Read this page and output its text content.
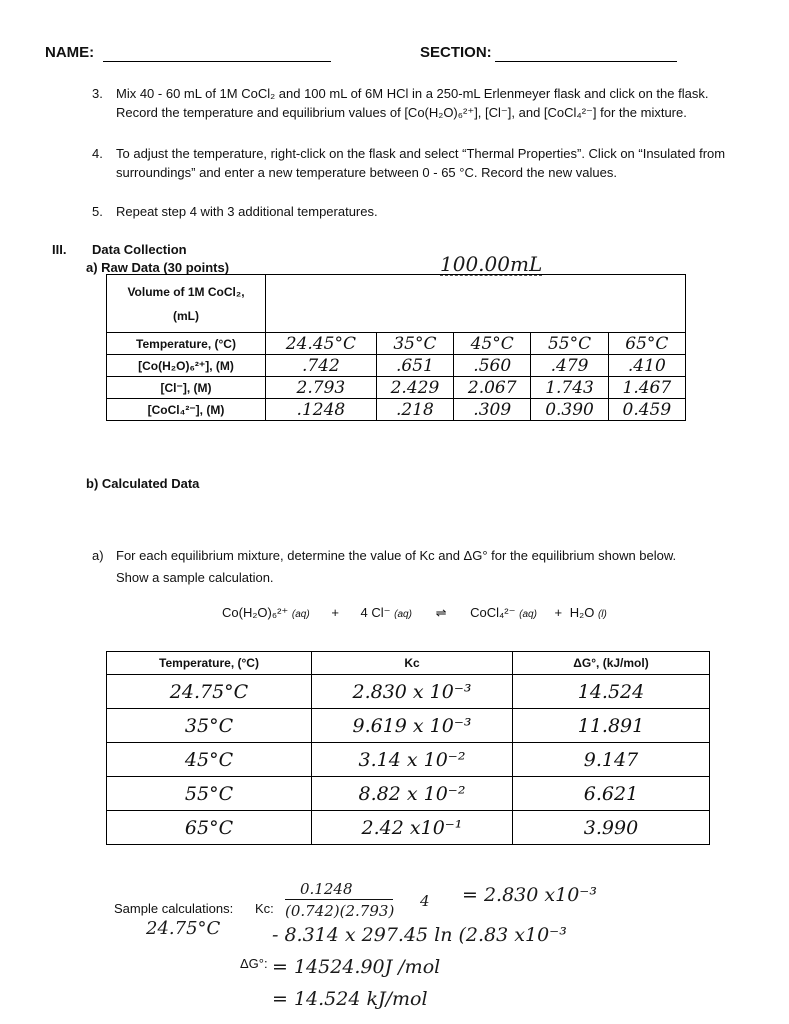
NAME:	SECTION:
3. Mix 40 - 60 mL of 1M CoCl₂ and 100 mL of 6M HCl in a 250-mL Erlenmeyer flask and click on the flask. Record the temperature and equilibrium values of [Co(H₂O)₆²⁺], [Cl⁻], and [CoCl₄²⁻] for the mixture.
4. To adjust the temperature, right-click on the flask and select “Thermal Properties”. Click on “Insulated from surroundings” and enter a new temperature between 0 - 65 °C. Record the new values.
5. Repeat step 4 with 3 additional temperatures.
III. Data Collection
a) Raw Data (30 points)	100.00mL
Volume of 1M CoCl₂,
(mL)					

Temperature, (°C)	24.45°C	35°C	45°C	55°C	65°C
[Co(H₂O)₆²⁺], (M)	.742	.651	.560	.479	.410
[Cl⁻], (M)	2.793	2.429	2.067	1.743	1.467
[CoCl₄²⁻], (M)	.1248	.218	.309	0.390	0.459
b) Calculated Data
a) For each equilibrium mixture, determine the value of Kc and ΔG° for the equilibrium shown below.
Show a sample calculation.
Co(H₂O)₆²⁺ (aq) + 4 Cl⁻ (aq) ⇌ CoCl₄²⁻ (aq) + H₂O (l)
Temperature, (°C)	Kc	ΔG°, (kJ/mol)
24.75°C	2.830 x 10⁻³	14.524
35°C	9.619 x 10⁻³	11.891
45°C	3.14 x 10⁻²	9.147
55°C	8.82 x 10⁻²	6.621
65°C	2.42 x10⁻¹	3.990
Sample calculations: Kc:
0.1248
(0.742)(2.793)
4 = 2.830 x10⁻³
24.75°C
ΔG°:
- 8.314 x 297.45 ln (2.83 x10⁻³
= 14524.90J /mol
= 14.524 kJ/mol
